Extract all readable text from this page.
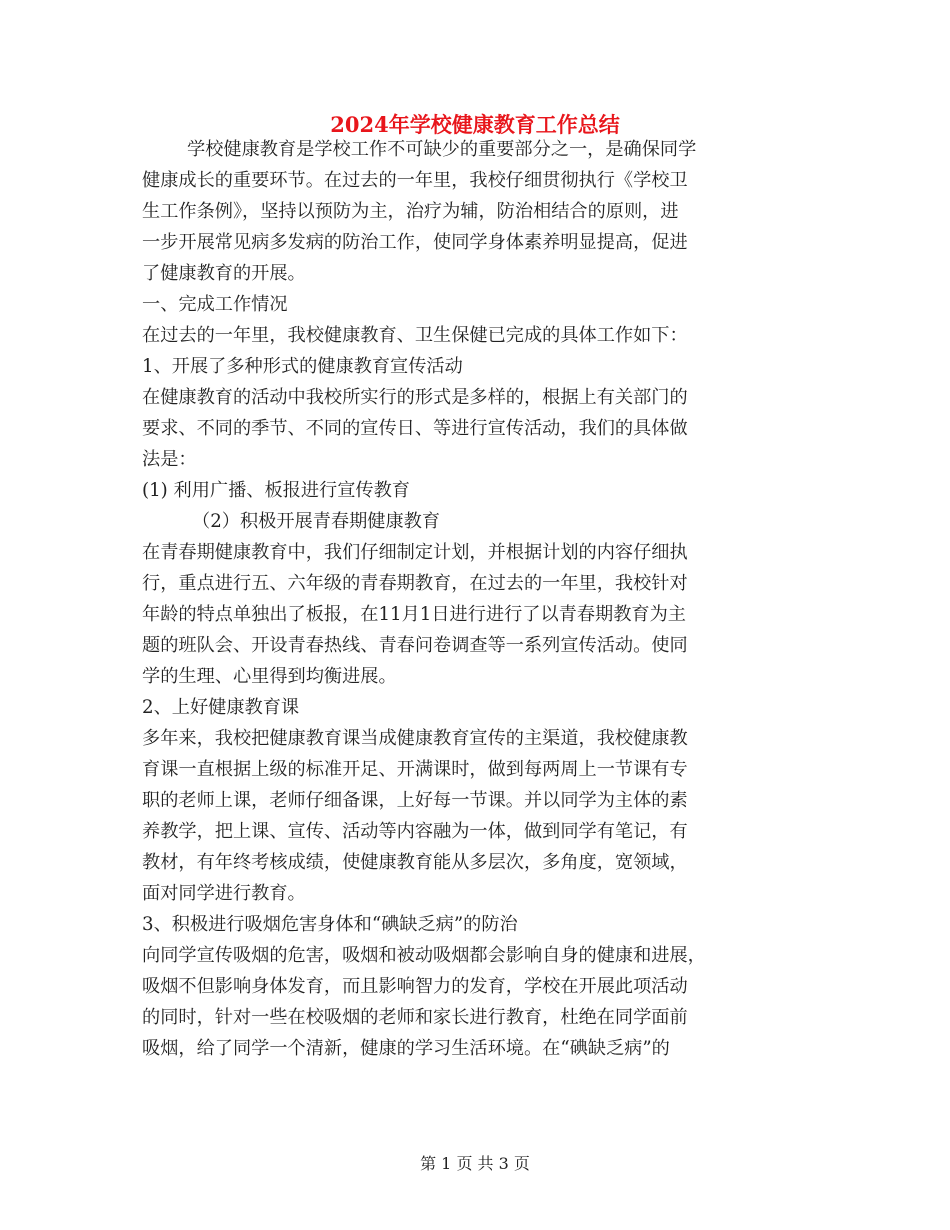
2024年学校健康教育工作总结
学校健康教育是学校工作不可缺少的重要部分之一，是确保同学
健康成长的重要环节。在过去的一年里，我校仔细贯彻执行《学校卫
生工作条例》，坚持以预防为主，治疗为辅，防治相结合的原则，进
一步开展常见病多发病的防治工作，使同学身体素养明显提高，促进
了健康教育的开展。
一、完成工作情况
在过去的一年里，我校健康教育、卫生保健已完成的具体工作如下：
1、开展了多种形式的健康教育宣传活动
在健康教育的活动中我校所实行的形式是多样的，根据上有关部门的
要求、不同的季节、不同的宣传日、等进行宣传活动，我们的具体做
法是：
(1) 利用广播、板报进行宣传教育
（2）积极开展青春期健康教育
在青春期健康教育中，我们仔细制定计划，并根据计划的内容仔细执
行，重点进行五、六年级的青春期教育，在过去的一年里，我校针对
年龄的特点单独出了板报，在11月1日进行进行了以青春期教育为主
题的班队会、开设青春热线、青春问卷调查等一系列宣传活动。使同
学的生理、心里得到均衡进展。
2、上好健康教育课
多年来，我校把健康教育课当成健康教育宣传的主渠道，我校健康教
育课一直根据上级的标准开足、开满课时，做到每两周上一节课有专
职的老师上课，老师仔细备课，上好每一节课。并以同学为主体的素
养教学，把上课、宣传、活动等内容融为一体，做到同学有笔记，有
教材，有年终考核成绩，使健康教育能从多层次，多角度，宽领域，
面对同学进行教育。
3、积极进行吸烟危害身体和“碘缺乏病”的防治
向同学宣传吸烟的危害，吸烟和被动吸烟都会影响自身的健康和进展，
吸烟不但影响身体发育，而且影响智力的发育，学校在开展此项活动
的同时，针对一些在校吸烟的老师和家长进行教育，杜绝在同学面前
吸烟，给了同学一个清新，健康的学习生活环境。在“碘缺乏病”的
第 1 页 共 3 页
